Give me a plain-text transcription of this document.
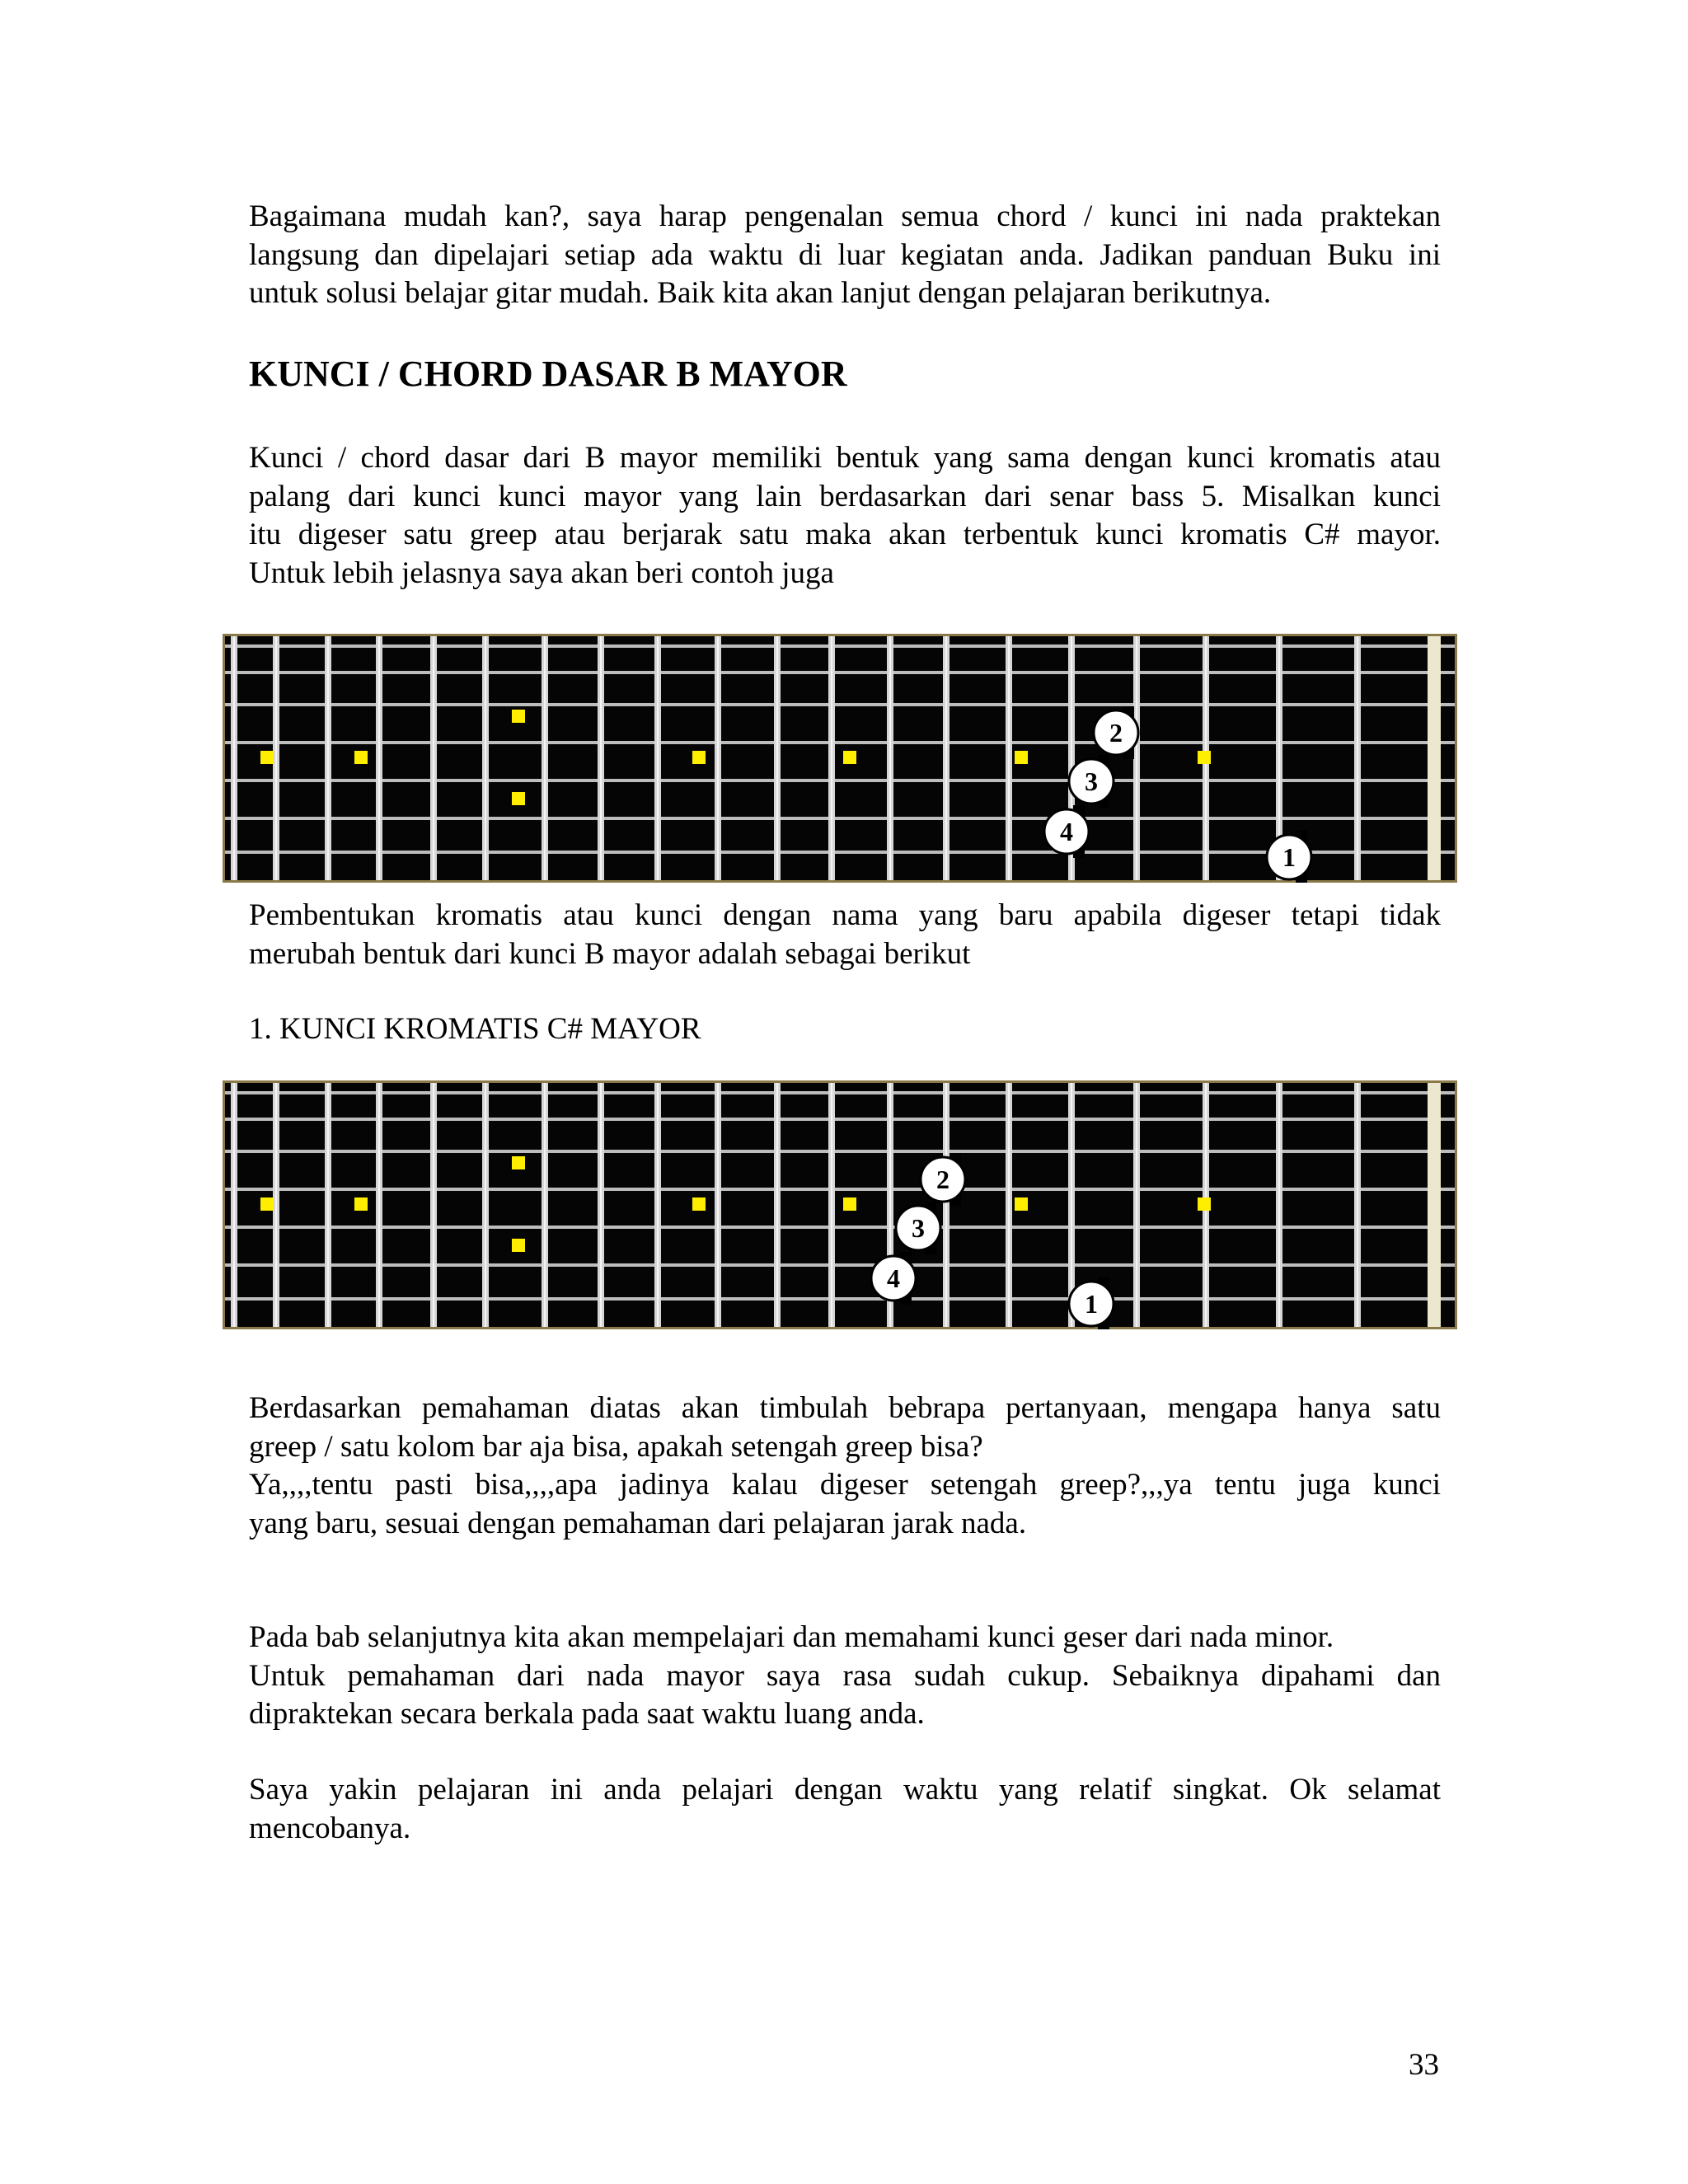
Bagaimana mudah kan?, saya harap pengenalan semua chord / kunci ini nada praktekan
langsung dan dipelajari setiap ada waktu di luar kegiatan anda. Jadikan panduan Buku ini
untuk solusi belajar gitar mudah. Baik kita akan lanjut dengan pelajaran berikutnya.
KUNCI / CHORD DASAR B MAYOR
Kunci / chord dasar dari B mayor memiliki bentuk yang sama dengan kunci kromatis atau
palang dari kunci kunci mayor yang lain berdasarkan dari senar bass 5. Misalkan kunci
itu digeser satu greep atau berjarak satu maka akan terbentuk kunci kromatis C# mayor.
Untuk lebih jelasnya saya akan beri contoh juga
1
2
3
4
Pembentukan kromatis atau kunci dengan nama yang baru apabila digeser tetapi tidak
merubah bentuk dari kunci B mayor adalah sebagai berikut
1. KUNCI KROMATIS C# MAYOR
1
2
3
4
Berdasarkan pemahaman diatas akan timbulah bebrapa pertanyaan, mengapa hanya satu
greep / satu kolom bar aja bisa, apakah setengah greep bisa?
Ya,,,,tentu pasti bisa,,,,apa jadinya kalau digeser setengah greep?,,,ya tentu juga kunci
yang baru, sesuai dengan pemahaman dari pelajaran jarak nada.
Pada bab selanjutnya kita akan mempelajari dan memahami kunci geser dari nada minor.
Untuk pemahaman dari nada mayor saya rasa sudah cukup. Sebaiknya dipahami dan
dipraktekan secara berkala pada saat waktu luang anda.
Saya yakin pelajaran ini anda pelajari dengan waktu yang relatif singkat. Ok selamat
mencobanya.
33
